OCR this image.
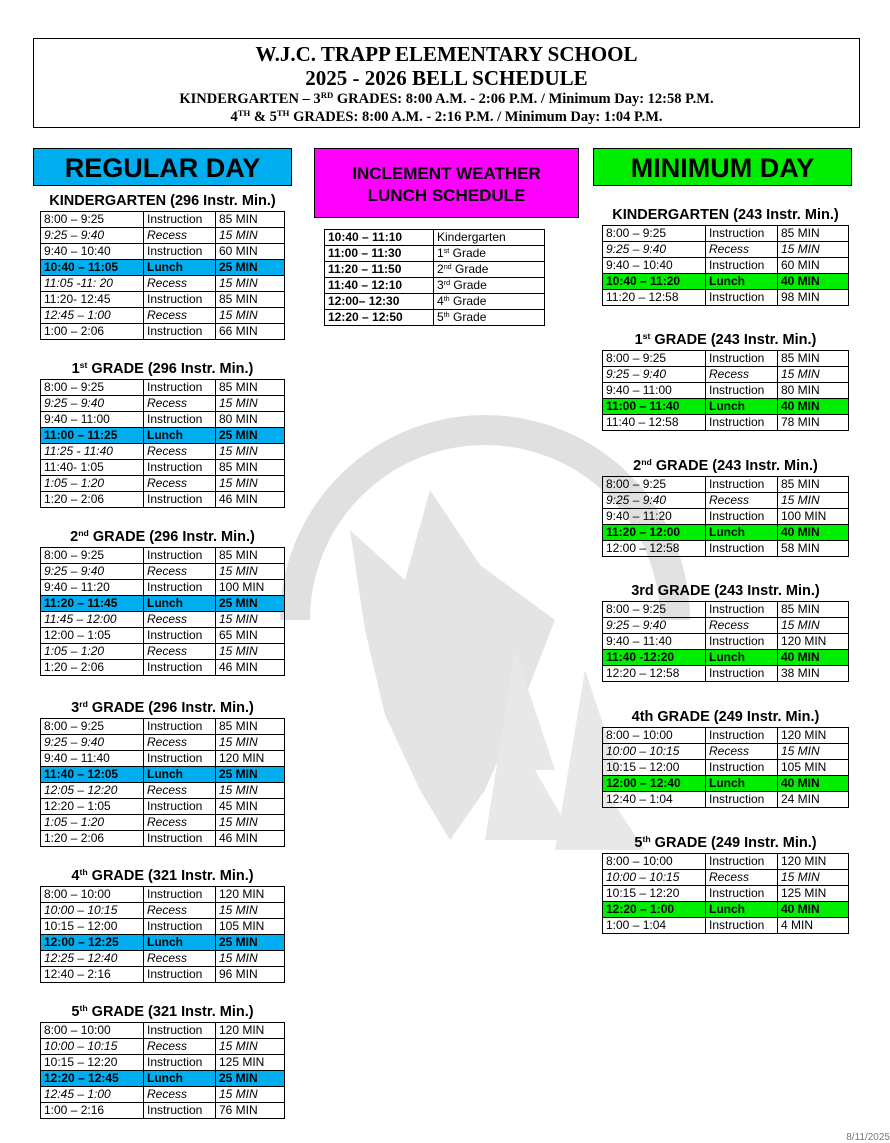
W.J.C. TRAPP ELEMENTARY SCHOOL
2025 - 2026 BELL SCHEDULE
KINDERGARTEN – 3RD GRADES: 8:00 A.M. - 2:06 P.M. / Minimum Day: 12:58 P.M.
4TH & 5TH GRADES: 8:00 A.M. - 2:16 P.M. / Minimum Day: 1:04 P.M.
REGULAR DAY	INCLEMENT WEATHER
LUNCH SCHEDULE
MINIMUM DAY
10:40 – 11:10	Kindergarten
11:00 – 11:30	1st Grade
11:20 – 11:50	2nd Grade
11:40 – 12:10	3rd Grade
12:00– 12:30	4th Grade
12:20 – 12:50	5th Grade
KINDERGARTEN (296 Instr. Min.)
8:00 – 9:25	Instruction	85 MIN
9:25 – 9:40	Recess	15 MIN
9:40 – 10:40	Instruction	60 MIN
10:40 – 11:05	Lunch	25 MIN
11:05 -11: 20	Recess	15 MIN
11:20- 12:45	Instruction	85 MIN
12:45 – 1:00	Recess	15 MIN
1:00 – 2:06	Instruction	66 MIN
1st GRADE (296 Instr. Min.)
8:00 – 9:25	Instruction	85 MIN
9:25 – 9:40	Recess	15 MIN
9:40 – 11:00	Instruction	80 MIN
11:00 – 11:25	Lunch	25 MIN
11:25 - 11:40	Recess	15 MIN
11:40- 1:05	Instruction	85 MIN
1:05 – 1:20	Recess	15 MIN
1:20 – 2:06	Instruction	46 MIN
2nd GRADE (296 Instr. Min.)
8:00 – 9:25	Instruction	85 MIN
9:25 – 9:40	Recess	15 MIN
9:40 – 11:20	Instruction	100 MIN
11:20 – 11:45	Lunch	25 MIN
11:45 – 12:00	Recess	15 MIN
12:00 – 1:05	Instruction	65 MIN
1:05 – 1:20	Recess	15 MIN
1:20 – 2:06	Instruction	46 MIN
3rd GRADE (296 Instr. Min.)
8:00 – 9:25	Instruction	85 MIN
9:25 – 9:40	Recess	15 MIN
9:40 – 11:40	Instruction	120 MIN
11:40 – 12:05	Lunch	25 MIN
12:05 – 12:20	Recess	15 MIN
12:20 – 1:05	Instruction	45 MIN
1:05 – 1:20	Recess	15 MIN
1:20 – 2:06	Instruction	46 MIN
4th GRADE (321 Instr. Min.)
8:00 – 10:00	Instruction	120 MIN
10:00 – 10:15	Recess	15 MIN
10:15 – 12:00	Instruction	105 MIN
12:00 – 12:25	Lunch	25 MIN
12:25 – 12:40	Recess	15 MIN
12:40 – 2:16	Instruction	96 MIN
5th GRADE (321 Instr. Min.)
8:00 – 10:00	Instruction	120 MIN
10:00 – 10:15	Recess	15 MIN
10:15 – 12:20	Instruction	125 MIN
12:20 – 12:45	Lunch	25 MIN
12:45 – 1:00	Recess	15 MIN
1:00 – 2:16	Instruction	76 MIN
KINDERGARTEN (243 Instr. Min.)
8:00 – 9:25	Instruction	85 MIN
9:25 – 9:40	Recess	15 MIN
9:40 – 10:40	Instruction	60 MIN
10:40 – 11:20	Lunch	40 MIN
11:20 – 12:58	Instruction	98 MIN
1st GRADE (243 Instr. Min.)
8:00 – 9:25	Instruction	85 MIN
9:25 – 9:40	Recess	15 MIN
9:40 – 11:00	Instruction	80 MIN
11:00 – 11:40	Lunch	40 MIN
11:40 – 12:58	Instruction	78 MIN
2nd GRADE (243 Instr. Min.)
8:00 – 9:25	Instruction	85 MIN
9:25 – 9:40	Recess	15 MIN
9:40 – 11:20	Instruction	100 MIN
11:20 – 12:00	Lunch	40 MIN
12:00 – 12:58	Instruction	58 MIN
3rd GRADE (243 Instr. Min.)
8:00 – 9:25	Instruction	85 MIN
9:25 – 9:40	Recess	15 MIN
9:40 – 11:40	Instruction	120 MIN
11:40 -12:20	Lunch	40 MIN
12:20 – 12:58	Instruction	38 MIN
4th GRADE (249 Instr. Min.)
8:00 – 10:00	Instruction	120 MIN
10:00 – 10:15	Recess	15 MIN
10:15 – 12:00	Instruction	105 MIN
12:00 – 12:40	Lunch	40 MIN
12:40 – 1:04	Instruction	24 MIN
5th GRADE (249 Instr. Min.)
8:00 – 10:00	Instruction	120 MIN
10:00 – 10:15	Recess	15 MIN
10:15 – 12:20	Instruction	125 MIN
12:20 – 1:00	Lunch	40 MIN
1:00 – 1:04	Instruction	4 MIN
8/11/2025
